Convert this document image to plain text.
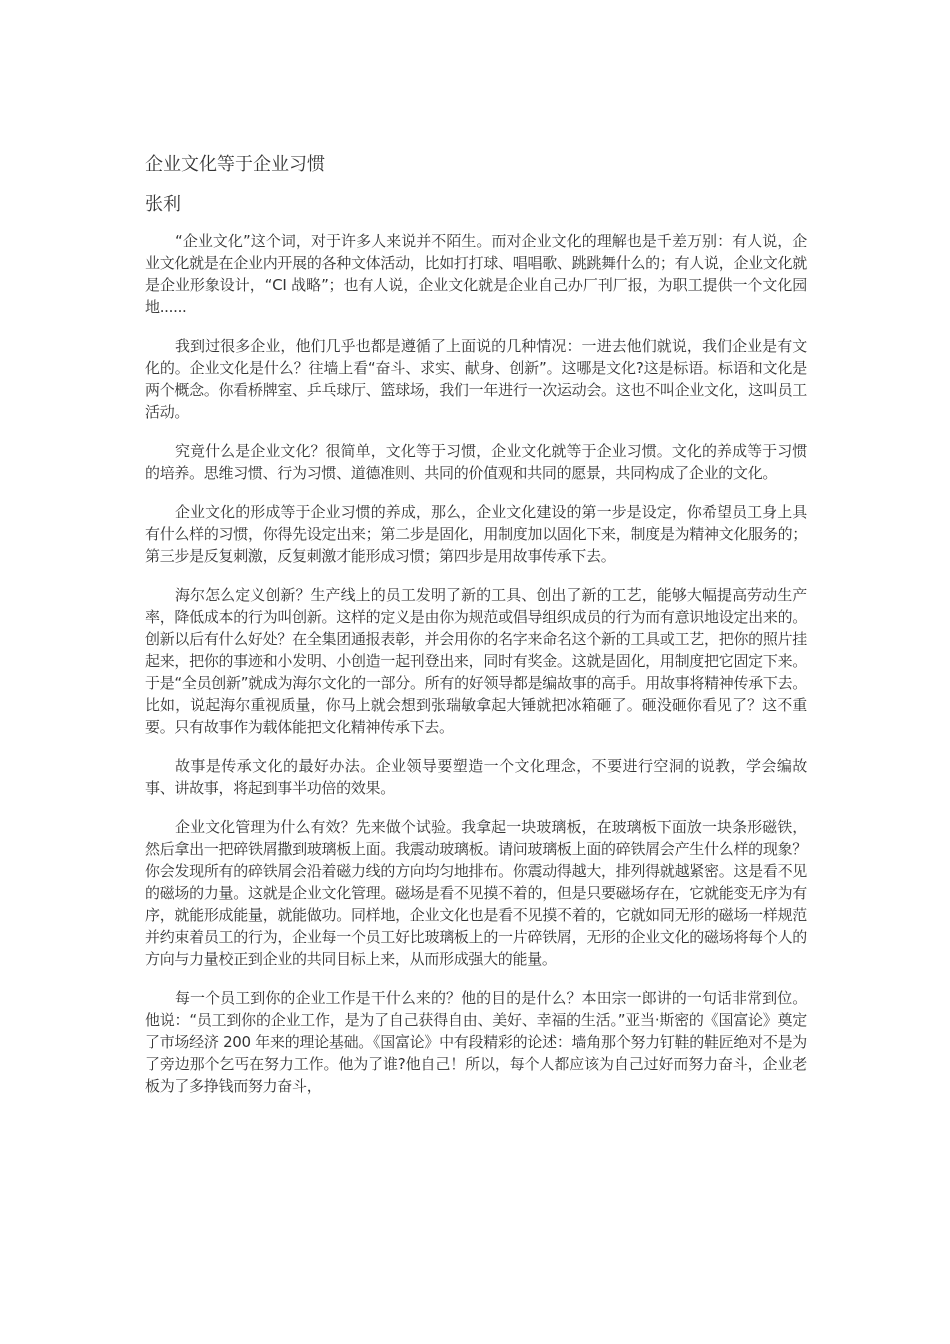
企业文化等于企业习惯
张利

“企业文化”这个词，对于许多人来说并不陌生。而对企业文化的理解也是千差万别：有人说，企业文化就是在企业内开展的各种文体活动，比如打打球、唱唱歌、跳跳舞什么的；有人说，企业文化就是企业形象设计，“CI 战略”；也有人说，企业文化就是企业自己办厂刊厂报，为职工提供一个文化园地......

我到过很多企业，他们几乎也都是遵循了上面说的几种情况：一进去他们就说，我们企业是有文化的。企业文化是什么？往墙上看“奋斗、求实、献身、创新”。这哪是文化?这是标语。标语和文化是两个概念。你看桥牌室、乒乓球厅、篮球场，我们一年进行一次运动会。这也不叫企业文化，这叫员工活动。

究竟什么是企业文化？很简单，文化等于习惯，企业文化就等于企业习惯。文化的养成等于习惯的培养。思维习惯、行为习惯、道德准则、共同的价值观和共同的愿景，共同构成了企业的文化。

企业文化的形成等于企业习惯的养成，那么，企业文化建设的第一步是设定，你希望员工身上具有什么样的习惯，你得先设定出来；第二步是固化，用制度加以固化下来，制度是为精神文化服务的；第三步是反复刺激，反复刺激才能形成习惯；第四步是用故事传承下去。

海尔怎么定义创新？生产线上的员工发明了新的工具、创出了新的工艺，能够大幅提高劳动生产率，降低成本的行为叫创新。这样的定义是由你为规范或倡导组织成员的行为而有意识地设定出来的。创新以后有什么好处？在全集团通报表彰，并会用你的名字来命名这个新的工具或工艺，把你的照片挂起来，把你的事迹和小发明、小创造一起刊登出来，同时有奖金。这就是固化，用制度把它固定下来。于是“全员创新”就成为海尔文化的一部分。所有的好领导都是编故事的高手。用故事将精神传承下去。比如，说起海尔重视质量，你马上就会想到张瑞敏拿起大锤就把冰箱砸了。砸没砸你看见了？这不重要。只有故事作为载体能把文化精神传承下去。

故事是传承文化的最好办法。企业领导要塑造一个文化理念，不要进行空洞的说教，学会编故事、讲故事，将起到事半功倍的效果。

企业文化管理为什么有效？先来做个试验。我拿起一块玻璃板，在玻璃板下面放一块条形磁铁，然后拿出一把碎铁屑撒到玻璃板上面。我震动玻璃板。请问玻璃板上面的碎铁屑会产生什么样的现象？你会发现所有的碎铁屑会沿着磁力线的方向均匀地排布。你震动得越大，排列得就越紧密。这是看不见的磁场的力量。这就是企业文化管理。磁场是看不见摸不着的，但是只要磁场存在，它就能变无序为有序，就能形成能量，就能做功。同样地，企业文化也是看不见摸不着的，它就如同无形的磁场一样规范并约束着员工的行为，企业每一个员工好比玻璃板上的一片碎铁屑，无形的企业文化的磁场将每个人的方向与力量校正到企业的共同目标上来，从而形成强大的能量。

每一个员工到你的企业工作是干什么来的？他的目的是什么？本田宗一郎讲的一句话非常到位。他说：“员工到你的企业工作，是为了自己获得自由、美好、幸福的生活。”亚当·斯密的《国富论》奠定了市场经济 200 年来的理论基础。《国富论》中有段精彩的论述：墙角那个努力钉鞋的鞋匠绝对不是为了旁边那个乞丐在努力工作。他为了谁?他自己！所以，每个人都应该为自己过好而努力奋斗，企业老板为了多挣钱而努力奋斗，
